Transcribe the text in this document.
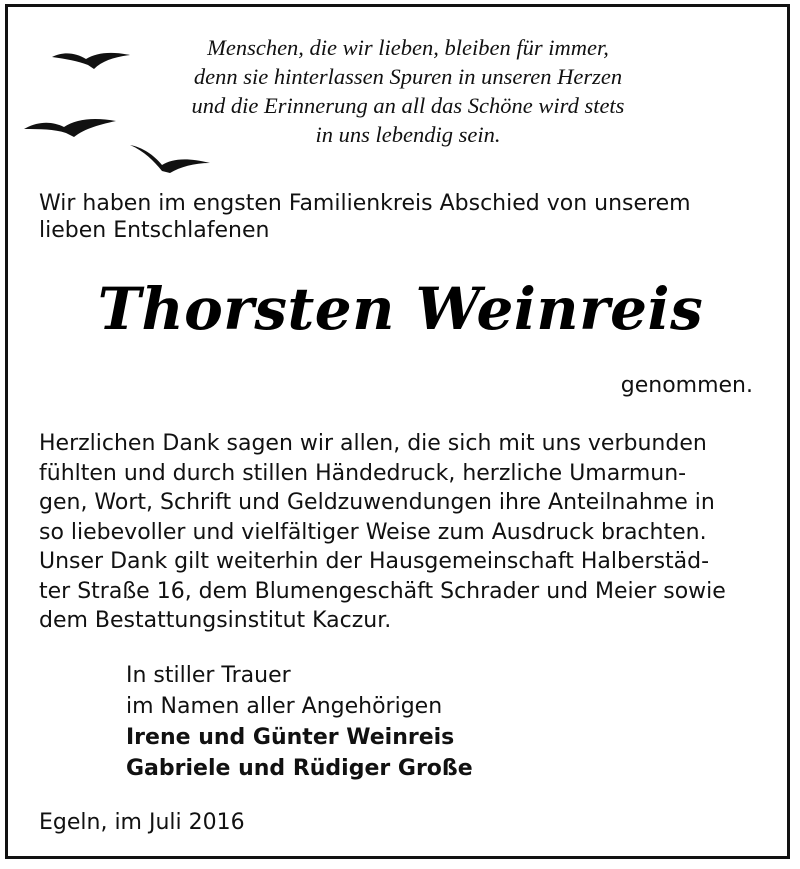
Menschen, die wir lieben, bleiben für immer,
denn sie hinterlassen Spuren in unseren Herzen
und die Erinnerung an all das Schöne wird stets
in uns lebendig sein.
Wir haben im engsten Familienkreis Abschied von unserem
lieben Entschlafenen
Thorsten Weinreis
genommen.
Herzlichen Dank sagen wir allen, die sich mit uns verbunden
fühlten und durch stillen Händedruck, herzliche Umarmun-
gen, Wort, Schrift und Geldzuwendungen ihre Anteilnahme in
so liebevoller und vielfältiger Weise zum Ausdruck brachten.
Unser Dank gilt weiterhin der Hausgemeinschaft Halberstäd-
ter Straße 16, dem Blumengeschäft Schrader und Meier sowie
dem Bestattungsinstitut Kaczur.
In stiller Trauer
im Namen aller Angehörigen
Irene und Günter Weinreis
Gabriele und Rüdiger Große
Egeln, im Juli 2016
